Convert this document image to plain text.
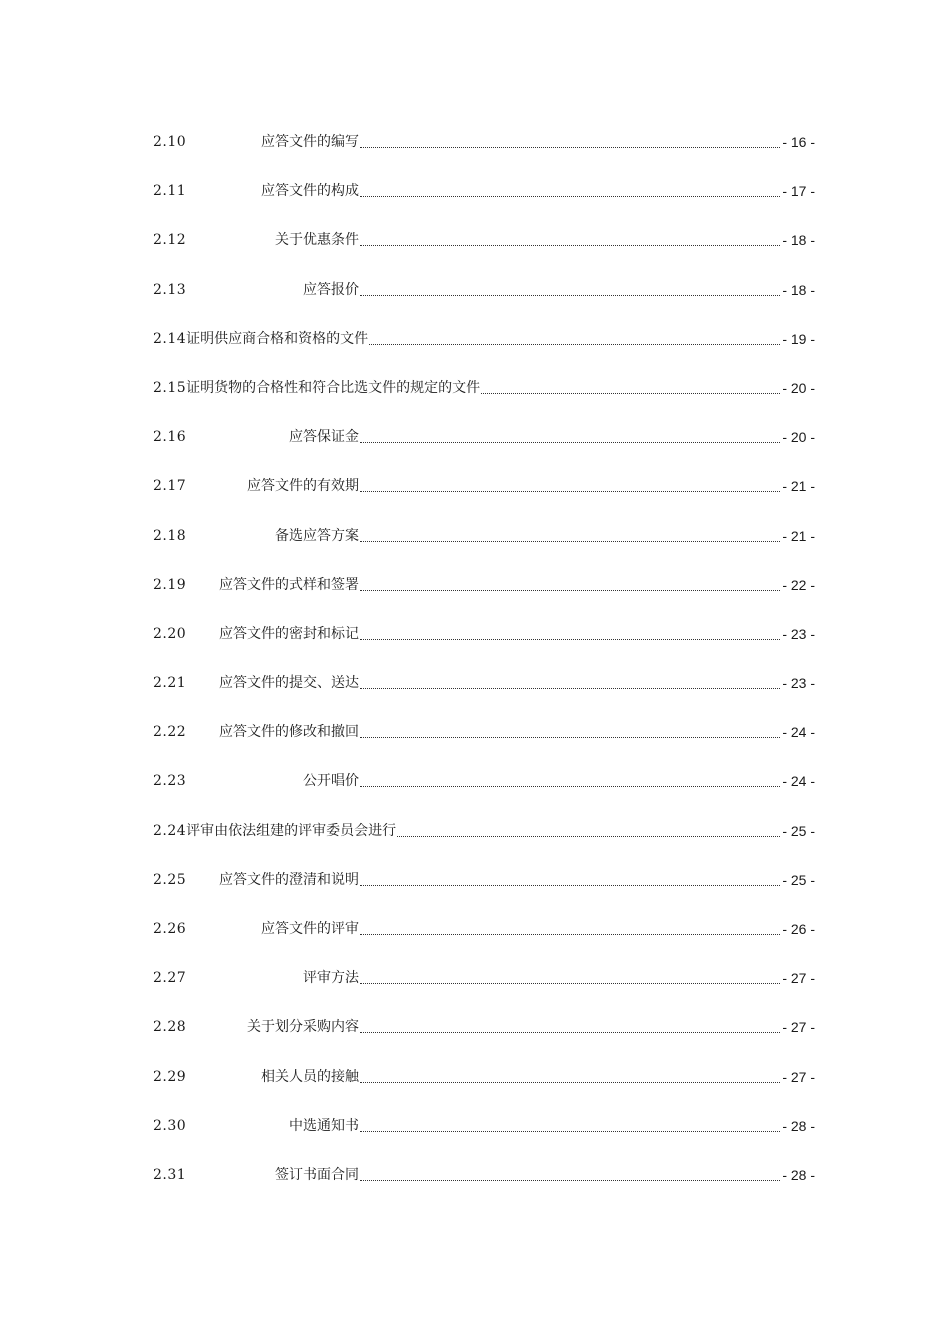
2.10	应答文件的编写	- 16 -
2.11	应答文件的构成	- 17 -
2.12	关于优惠条件	- 18 -
2.13	应答报价	- 18 -
2.14 证明供应商合格和资格的文件	- 19 -
2.15 证明货物的合格性和符合比选文件的规定的文件	- 20 -
2.16	应答保证金	- 20 -
2.17	应答文件的有效期	- 21 -
2.18	备选应答方案	- 21 -
2.19	应答文件的式样和签署	- 22 -
2.20	应答文件的密封和标记	- 23 -
2.21	应答文件的提交、送达	- 23 -
2.22	应答文件的修改和撤回	- 24 -
2.23	公开唱价	- 24 -
2.24 评审由依法组建的评审委员会进行	- 25 -
2.25	应答文件的澄清和说明	- 25 -
2.26	应答文件的评审	- 26 -
2.27	评审方法	- 27 -
2.28	关于划分采购内容	- 27 -
2.29	相关人员的接触	- 27 -
2.30	中选通知书	- 28 -
2.31	签订书面合同	- 28 -
